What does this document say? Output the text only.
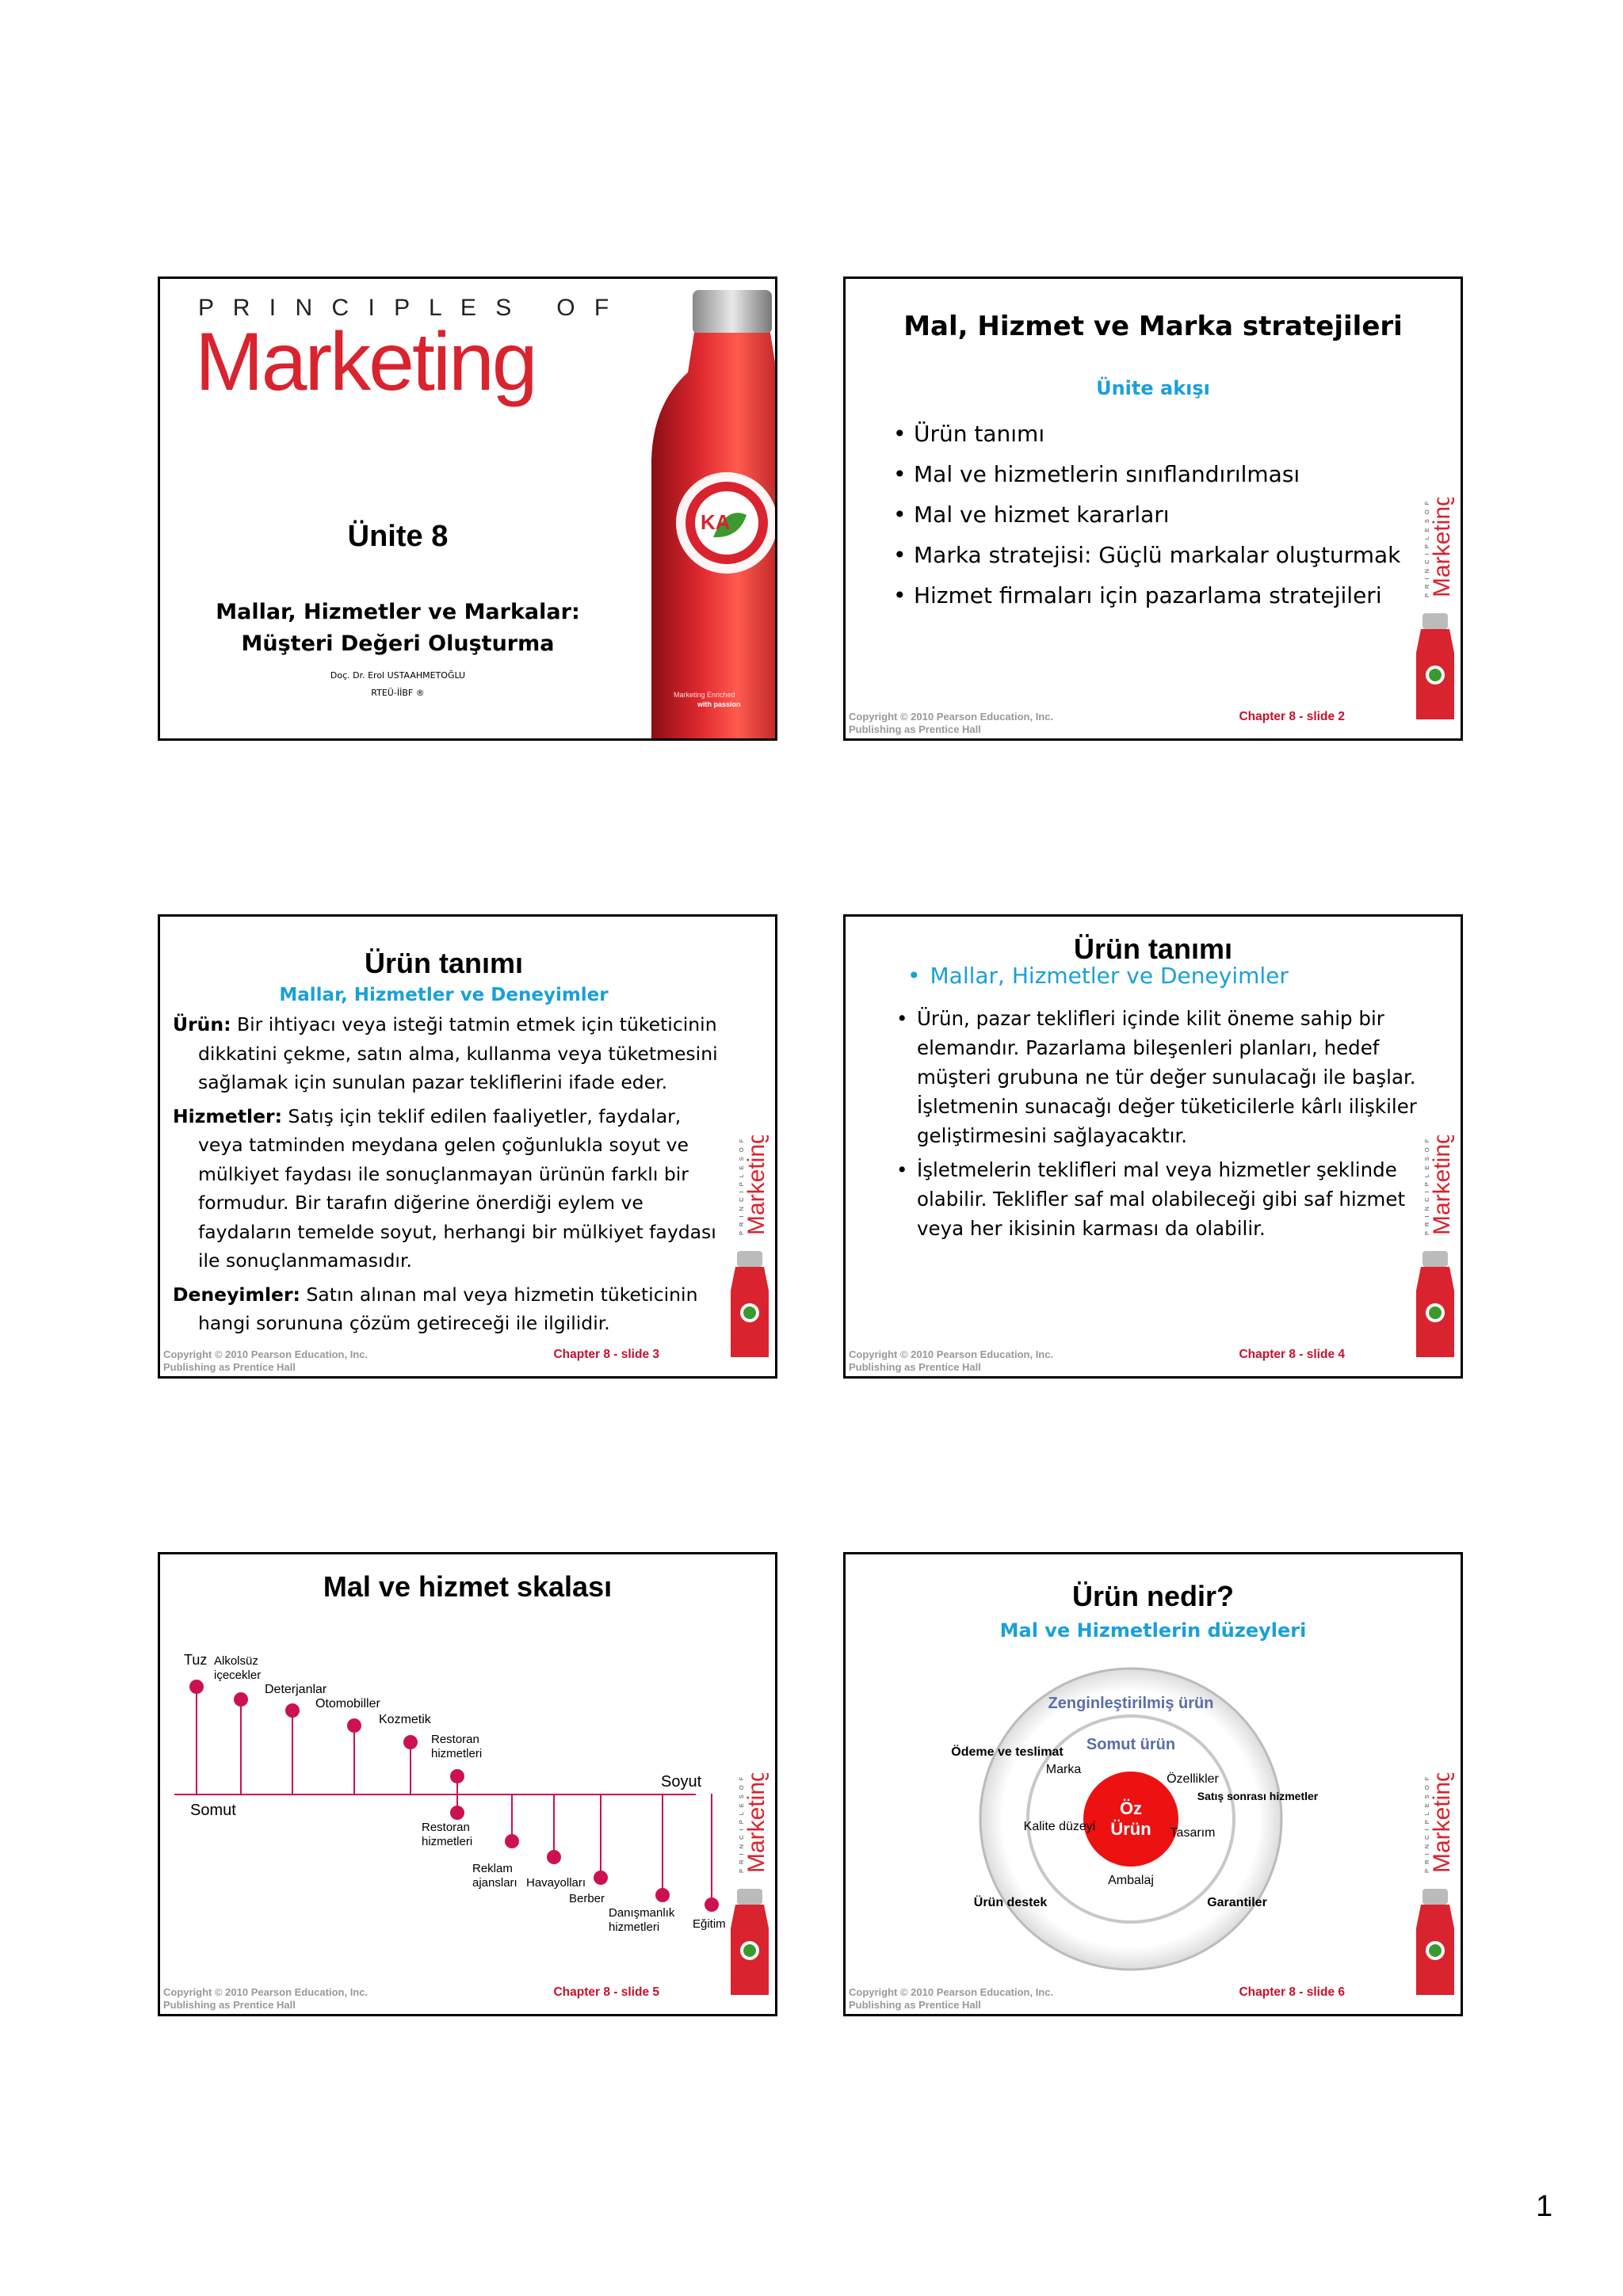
P R I N C I P L E S   O F
Marketing
KA
Marketing Enriched
with passion
Ünite 8
Mallar, Hizmetler ve Markalar:
Müşteri Değeri Oluşturma
Doç. Dr. Erol USTAAHMETOĞLU
RTEÜ-İİBF ®
Mal, Hizmet ve Marka stratejileri
Ünite akışı
• Ürün tanımı
• Mal ve hizmetlerin sınıflandırılması
• Mal ve hizmet kararları
• Marka stratejisi: Güçlü markalar oluşturmak
• Hizmet firmaları için pazarlama stratejileri
Copyright © 2010 Pearson Education, Inc.
Publishing as Prentice Hall
Chapter 8 - slide 2
P R I N C I P L E S O F
Marketing
Ürün tanımı
Mallar, Hizmetler ve Deneyimler
Ürün: Bir ihtiyacı veya isteği tatmin etmek için tüketicinin dikkatini çekme, satın alma, kullanma veya tüketmesini sağlamak için sunulan pazar tekliflerini ifade eder.
Hizmetler: Satış için teklif edilen faaliyetler, faydalar, veya tatminden meydana gelen çoğunlukla soyut ve mülkiyet faydası ile sonuçlanmayan ürünün farklı bir formudur. Bir tarafın diğerine önerdiği eylem ve faydaların temelde soyut, herhangi bir mülkiyet faydası ile sonuçlanmamasıdır.
Deneyimler: Satın alınan mal veya hizmetin tüketicinin hangi sorununa çözüm getireceği ile ilgilidir.
Copyright © 2010 Pearson Education, Inc.
Publishing as Prentice Hall
Chapter 8 - slide 3
P R I N C I P L E S O F
Marketing
Ürün tanımı
• Mallar, Hizmetler ve Deneyimler
• Ürün, pazar teklifleri içinde kilit öneme sahip bir elemandır. Pazarlama bileşenleri planları, hedef müşteri grubuna ne tür değer sunulacağı ile başlar. İşletmenin sunacağı değer tüketicilerle kârlı ilişkiler geliştirmesini sağlayacaktır.
• İşletmelerin teklifleri mal veya hizmetler şeklinde olabilir. Teklifler saf mal olabileceği gibi saf hizmet veya her ikisinin karması da olabilir.
Copyright © 2010 Pearson Education, Inc.
Publishing as Prentice Hall
Chapter 8 - slide 4
P R I N C I P L E S O F
Marketing
Mal ve hizmet skalası
Somut
Soyut
Tuz Alkolsüz içecekler
Deterjanlar
Otomobiller
Kozmetik
Restoran hizmetleri
Restoran hizmetleri
Reklam ajansları Havayolları
Berber
Danışmanlık hizmetleri	Eğitim
Copyright © 2010 Pearson Education, Inc.
Publishing as Prentice Hall
Chapter 8 - slide 5
P R I N C I P L E S O F
Marketing
Ürün nedir?
Mal ve Hizmetlerin düzeyleri
Zenginleştirilmiş ürün
Somut ürün
Öz
Ürün
Marka
Özellikler
Kalite düzeyi	Tasarım
Ambalaj
Ödeme ve teslimat
Satış sonrası hizmetler
Ürün destek	Garantiler
Copyright © 2010 Pearson Education, Inc.
Publishing as Prentice Hall
Chapter 8 - slide 6
P R I N C I P L E S O F
Marketing
1
